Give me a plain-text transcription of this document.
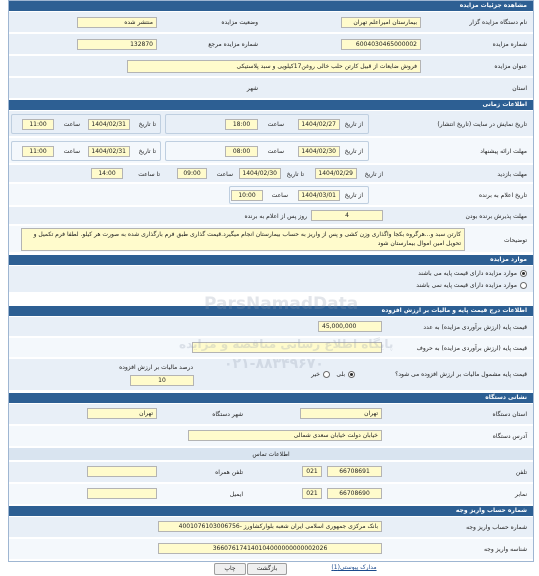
مشاهده جزئیات مزایده
نام دستگاه مزایده گزار
بیمارستان امیراعلم تهران
وضعیت مزایده
منتشر شده
شماره مزایده
6004030465000002
شماره مزایده مرجع
132870
عنوان مزایده
فروش ضایعات از قبیل کارتن حلب خالی روغن17کیلویی و سبد پلاستیکی
استان
شهر
اطلاعات زمانی
تاریخ نمایش در سایت (تاریخ انتشار)
از تاریخ
1404/02/27
ساعت
18:00
تا تاریخ
1404/02/31
ساعت
11:00
مهلت ارائه پیشنهاد
از تاریخ
1404/02/30
ساعت
08:00
تا تاریخ
1404/02/31
ساعت
11:00
مهلت بازدید
از تاریخ
1404/02/29
تا تاریخ
1404/02/30
ساعت
09:00
تا ساعت
14:00
تاریخ اعلام به برنده
از تاریخ
1404/03/01
ساعت
10:00
مهلت پذیرش برنده بودن
4
روز پس از اعلام به برنده
توضیحات
کارتن سبد و...هرگروه بکجا واگذاری وزن کشی و پس از واریز به حساب بیمارستان انجام میگیرد.قیمت گذاری طبق فرم بارگذاری شده به صورت هر کیلو. لطفا فرم تکمیل و تحویل امین اموال بیمارستان شود
موارد مزایده
موارد مزایده دارای قیمت پایه می باشند
موارد مزایده دارای قیمت پایه نمی باشند
اطلاعات درج قیمت پایه و مالیات بر ارزش افزوده
قیمت پایه (ارزش برآوردی مزایده) به عدد
45,000,000
قیمت پایه (ارزش برآوردی مزایده) به حروف
قیمت پایه مشمول مالیات بر ارزش افزوده می شود؟
بلی
خیر
درصد مالیات بر ارزش افزوده
10
نشانی دستگاه
استان دستگاه
تهران
شهر دستگاه
تهران
آدرس دستگاه
خیابان دولت خیابان سعدی شمالی
اطلاعات تماس
تلفن
66708691
021
تلفن همراه
نمابر
66708690
021
ایمیل
شماره حساب واریز وجه
شماره حساب واریز وجه
بانک مرکزی جمهوری اسلامی ایران شعبه بلوارکشاورز -4001076103006756
شناسه واریز وجه
366076174140104000000000002026
ParsNamadData
پایگاه اطلاع رسانی مناقصه و مزایده
۰۲۱-۸۸۳۴۹۶۷۰
چاپ	بازگشت	مدارک پیوستی(1)
